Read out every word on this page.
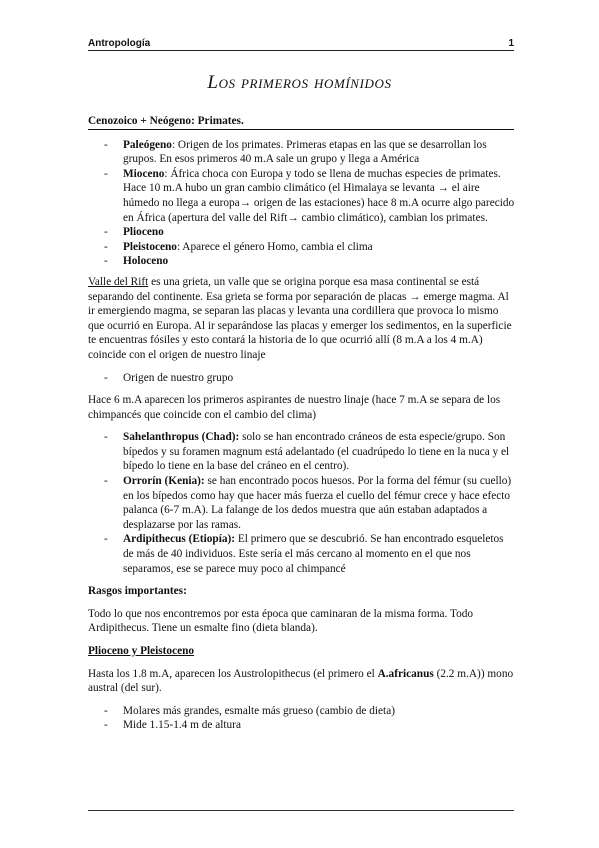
Antropología	1
Los primeros homínidos
Cenozoico + Neógeno: Primates.
- Paleógeno: Origen de los primates. Primeras etapas en las que se desarrollan los grupos. En esos primeros 40 m.A sale un grupo y llega a América
- Mioceno: África choca con Europa y todo se llena de muchas especies de primates. Hace 10 m.A hubo un gran cambio climático (el Himalaya se levanta → el aire húmedo no llega a europa→ origen de las estaciones) hace 8 m.A ocurre algo parecido en África (apertura del valle del Rift→ cambio climático), cambian los primates.
- Plioceno
- Pleistoceno: Aparece el género Homo, cambia el clima
- Holoceno

Valle del Rift es una grieta, un valle que se origina porque esa masa continental se está separando del continente. Esa grieta se forma por separación de placas → emerge magma. Al ir emergiendo magma, se separan las placas y levanta una cordillera que provoca lo mismo que ocurrió en Europa. Al ir separándose las placas y emerger los sedimentos, en la superficie te encuentras fósiles y esto contará la historia de lo que ocurrió allí (8 m.A a los 4 m.A) coincide con el origen de nuestro linaje

- Origen de nuestro grupo

Hace 6 m.A aparecen los primeros aspirantes de nuestro linaje (hace 7 m.A se separa de los chimpancés que coincide con el cambio del clima)

- Sahelanthropus (Chad): solo se han encontrado cráneos de esta especie/grupo. Son bípedos y su foramen magnum está adelantado (el cuadrúpedo lo tiene en la nuca y el bípedo lo tiene en la base del cráneo en el centro).
- Orrorín (Kenia): se han encontrado pocos huesos. Por la forma del fémur (su cuello) en los bípedos como hay que hacer más fuerza el cuello del fémur crece y hace efecto palanca (6-7 m.A). La falange de los dedos muestra que aún estaban adaptados a desplazarse por las ramas.
- Ardipithecus (Etiopía): El primero que se descubrió. Se han encontrado esqueletos de más de 40 individuos. Este sería el más cercano al momento en el que nos separamos, ese se parece muy poco al chimpancé

Rasgos importantes:

Todo lo que nos encontremos por esta época que caminaran de la misma forma. Todo Ardipithecus. Tiene un esmalte fino (dieta blanda).

Plioceno y Pleistoceno

Hasta los 1.8 m.A, aparecen los Austrolopithecus (el primero el A.africanus (2.2 m.A)) mono austral (del sur).

- Molares más grandes, esmalte más grueso (cambio de dieta)
- Mide 1.15-1.4 m de altura
